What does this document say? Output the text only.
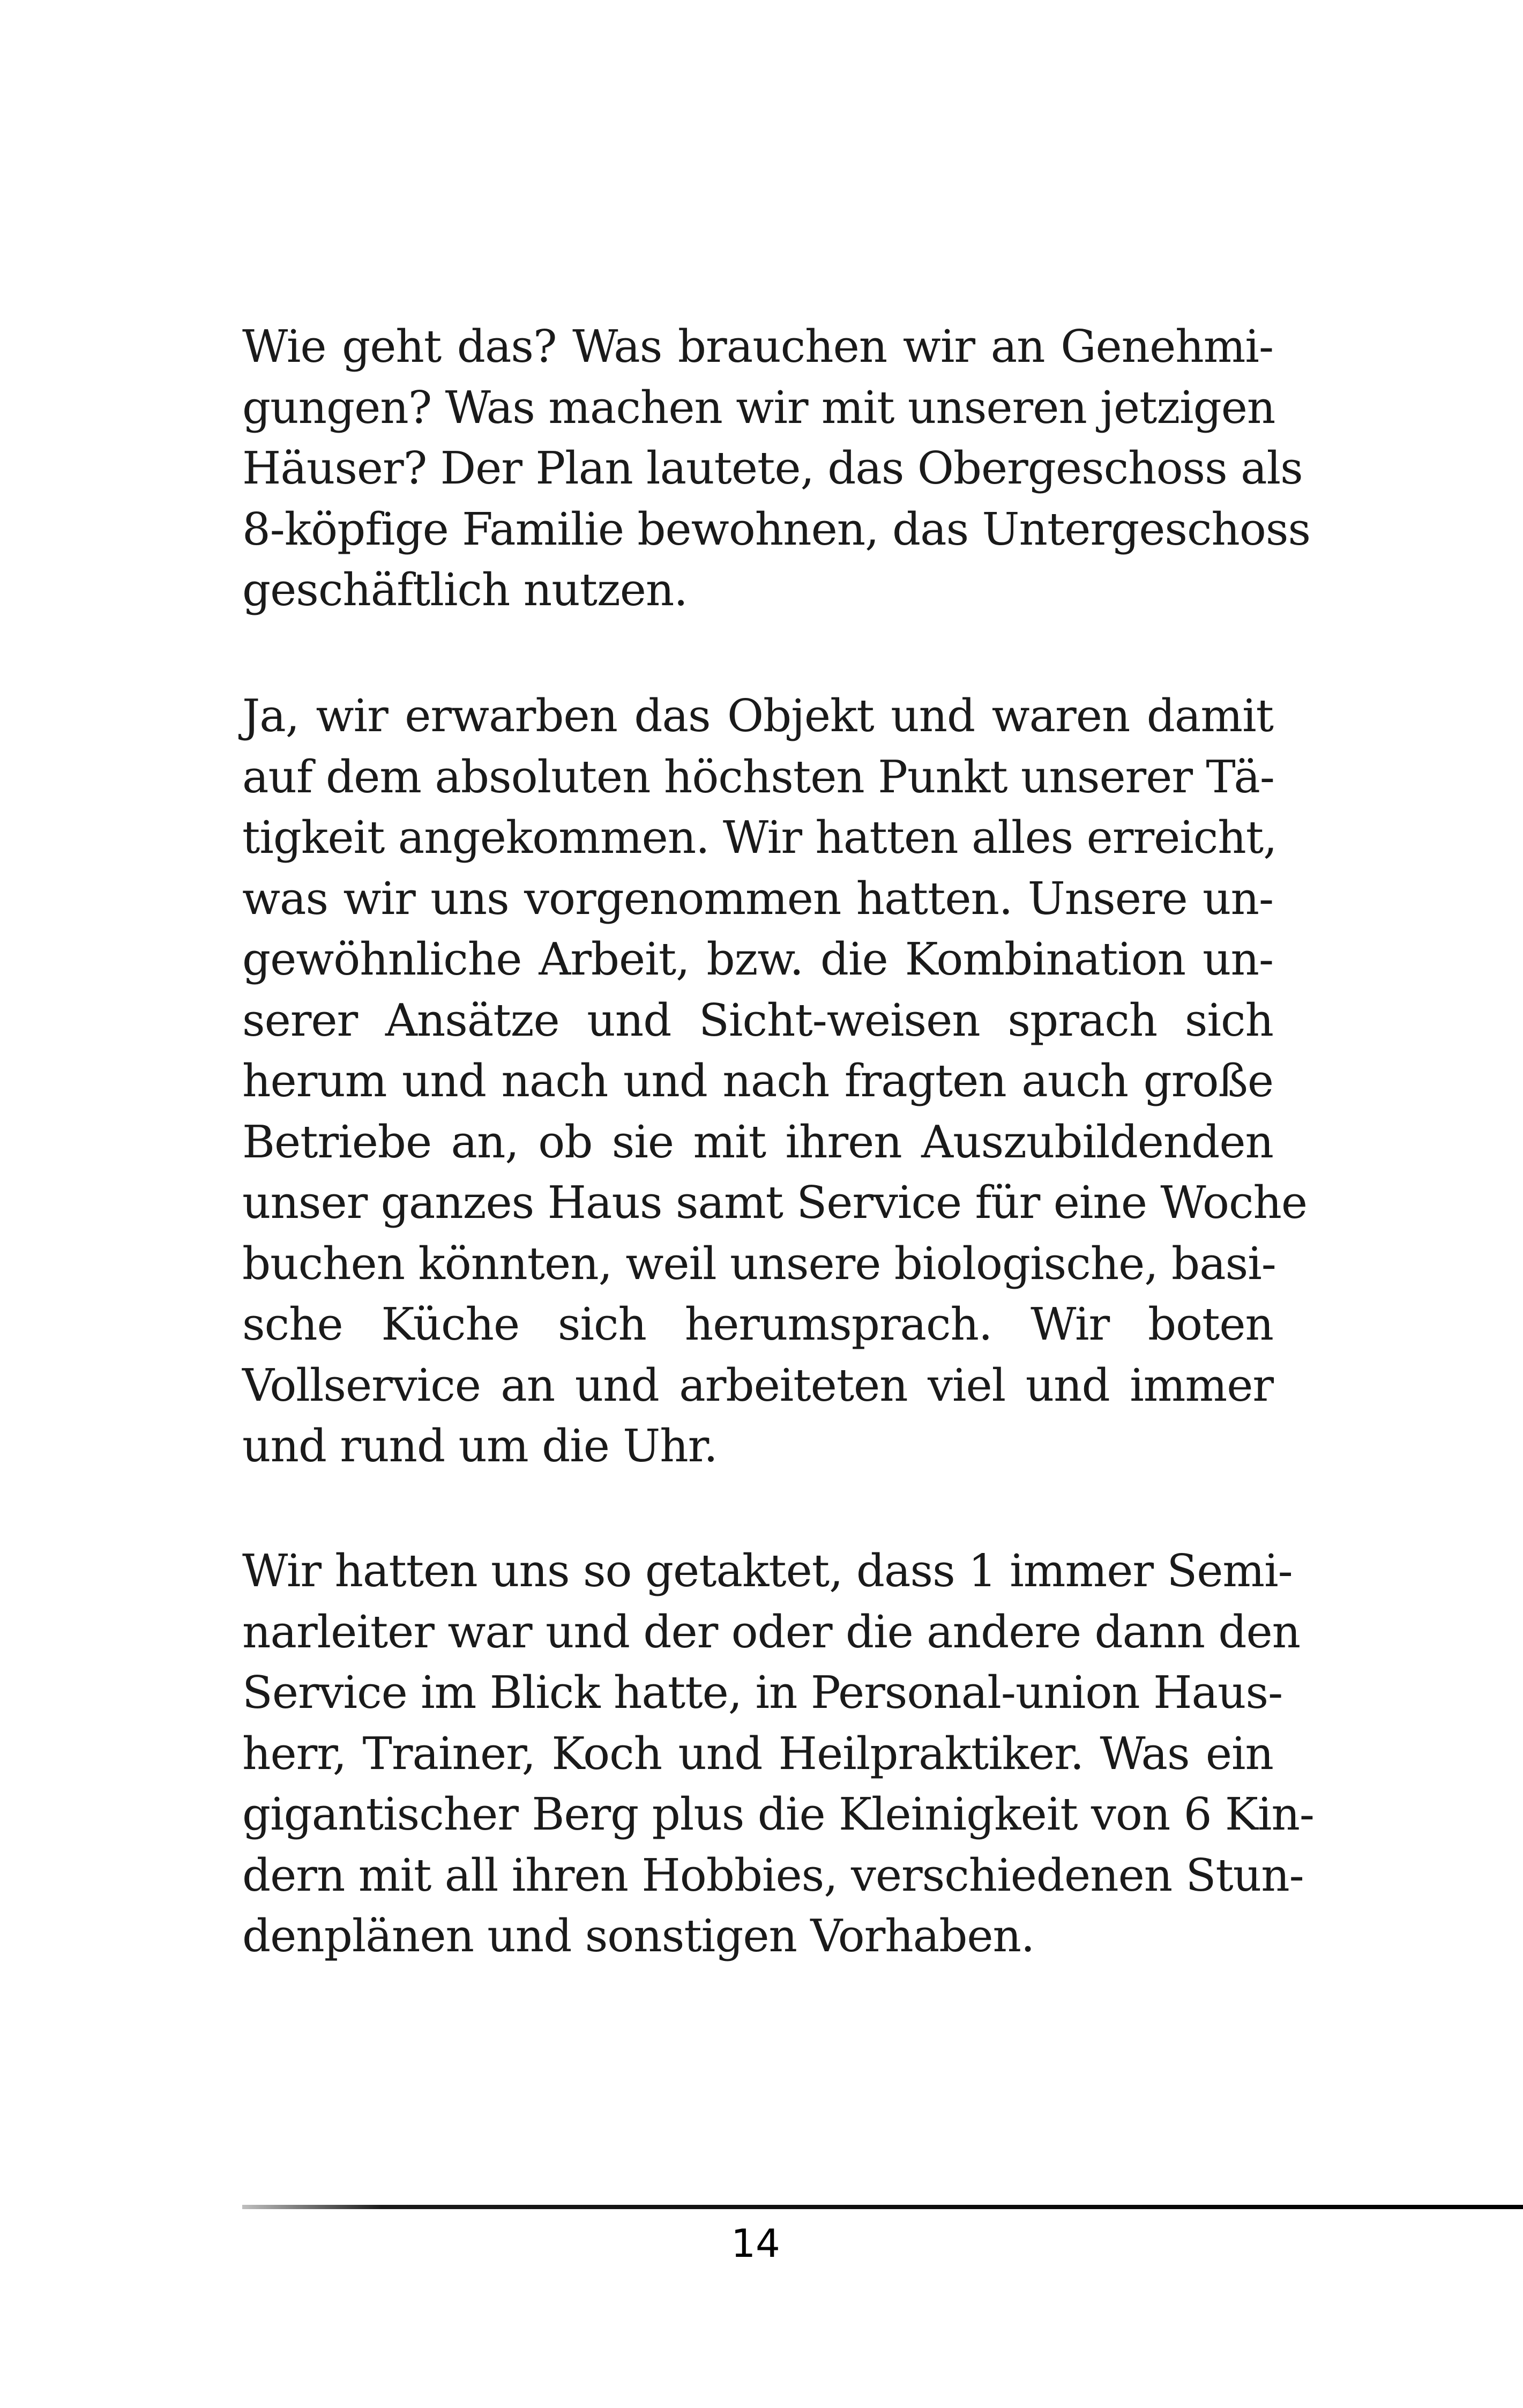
Wie geht das? Was brauchen wir an Genehmi-
gungen? Was machen wir mit unseren jetzigen
Häuser? Der Plan lautete, das Obergeschoss als
8-köpfige Familie bewohnen, das Untergeschoss
geschäftlich nutzen.
Ja, wir erwarben das Objekt und waren damit
auf dem absoluten höchsten Punkt unserer Tä-
tigkeit angekommen. Wir hatten alles erreicht,
was wir uns vorgenommen hatten. Unsere un-
gewöhnliche Arbeit, bzw. die Kombination un-
serer Ansätze und Sicht-weisen sprach sich
herum und nach und nach fragten auch große
Betriebe an, ob sie mit ihren Auszubildenden
unser ganzes Haus samt Service für eine Woche
buchen könnten, weil unsere biologische, basi-
sche Küche sich herumsprach. Wir boten
Vollservice an und arbeiteten viel und immer
und rund um die Uhr.
Wir hatten uns so getaktet, dass 1 immer Semi-
narleiter war und der oder die andere dann den
Service im Blick hatte, in Personal-union Haus-
herr, Trainer, Koch und Heilpraktiker. Was ein
gigantischer Berg plus die Kleinigkeit von 6 Kin-
dern mit all ihren Hobbies, verschiedenen Stun-
denplänen und sonstigen Vorhaben.
14
